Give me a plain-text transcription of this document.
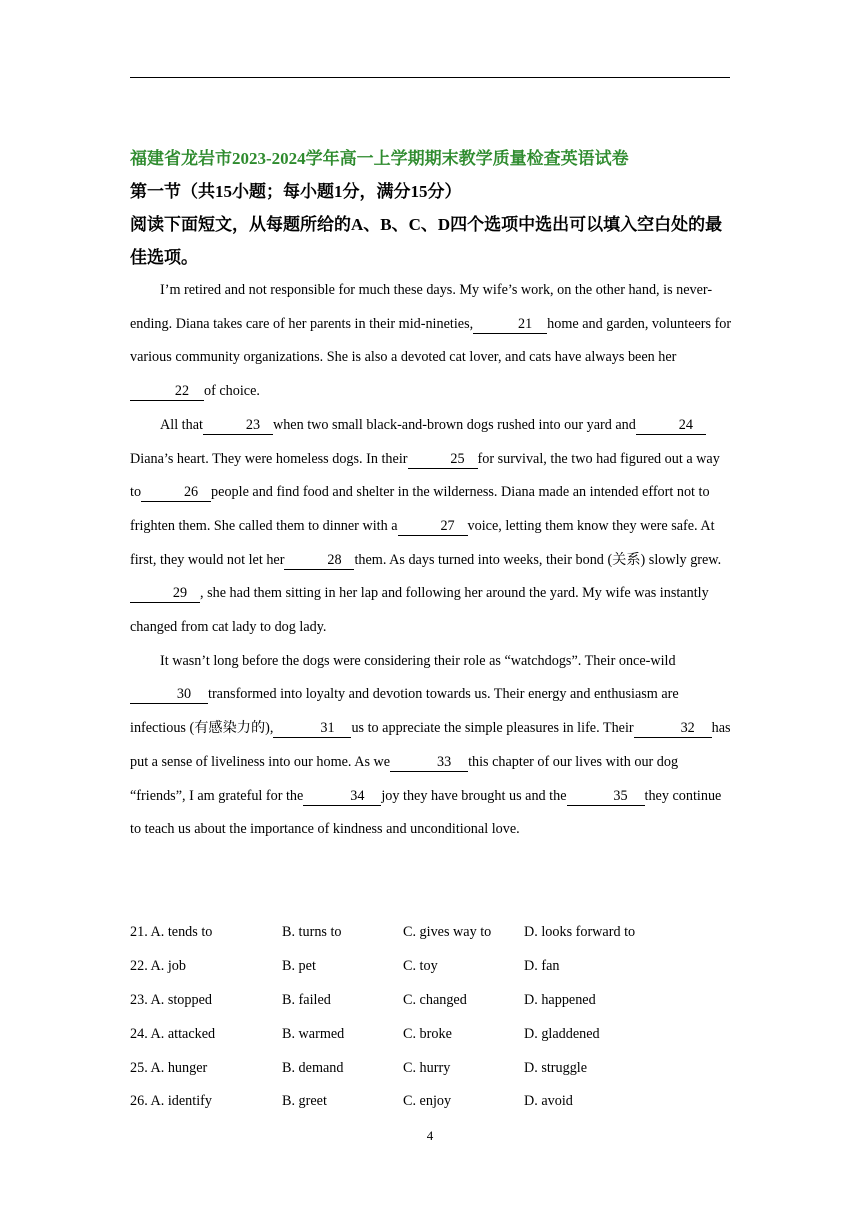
福建省龙岩市2023-2024学年高一上学期期末教学质量检查英语试卷
第一节（共15小题；每小题1分，满分15分）
阅读下面短文，从每题所给的A、B、C、D四个选项中选出可以填入空白处的最佳选项。

I’m retired and not responsible for much these days. My wife’s work, on the other hand, is never-ending. Diana takes care of her parents in their mid-nineties,	21 home and garden, volunteers for various community organizations. She is also a devoted cat lover, and cats have always been her22 of choice.

All that	23 when two small black-and-brown dogs rushed into our yard and	24Diana’s heart. They were homeless dogs. In their	25 for survival, the two had figured out a way to	26 people and find food and shelter in the wilderness. Diana made an intended effort not to frighten them. She called them to dinner with a	27 voice, letting them know they were safe. At first, they would not let her	28 them. As days turned into weeks, their bond (关系) slowly grew.29 , she had them sitting in her lap and following her around the yard. My wife was instantly changed from cat lady to dog lady.

It wasn’t long before the dogs were considering their role as “watchdogs”. Their once-wild30 transformed into loyalty and devotion towards us. Their energy and enthusiasm are infectious (有感染力的),	31 us to appreciate the simple pleasures in life. Their	32 has put a sense of liveliness into our home. As we	33 this chapter of our lives with our dog “friends”, I am grateful for the	34 joy they have brought us and the	35 they continue to teach us about the importance of kindness and unconditional love.

21. A. tends to	B. turns to	C. gives way to	D. looks forward to
22. A. job	B. pet	C. toy	D. fan
23. A. stopped	B. failed	C. changed	D. happened
24. A. attacked	B. warmed	C. broke	D. gladdened
25. A. hunger	B. demand	C. hurry	D. struggle
26. A. identify	B. greet	C. enjoy	D. avoid
4
